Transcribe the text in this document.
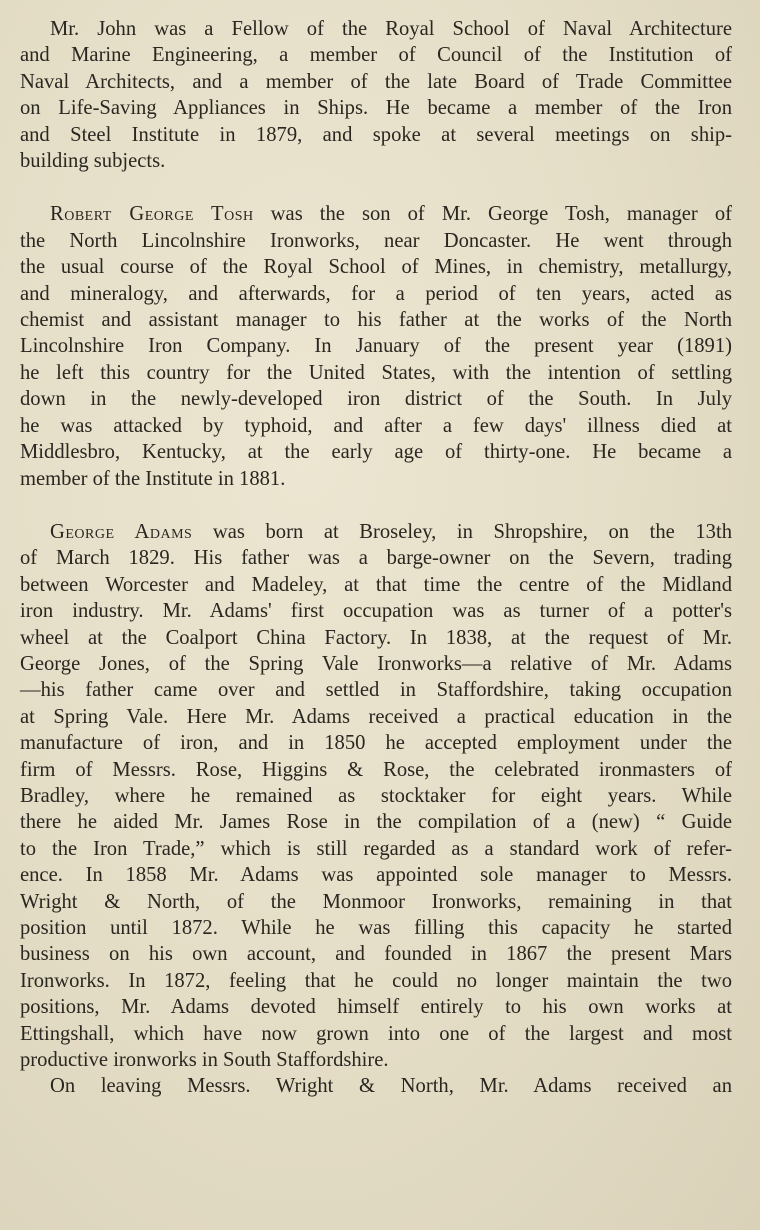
Mr. John was a Fellow of the Royal School of Naval Architecture
and Marine Engineering, a member of Council of the Institution of
Naval Architects, and a member of the late Board of Trade Committee
on Life-Saving Appliances in Ships. He became a member of the Iron
and Steel Institute in 1879, and spoke at several meetings on ship-
building subjects.
Robert George Tosh was the son of Mr. George Tosh, manager of
the North Lincolnshire Ironworks, near Doncaster. He went through
the usual course of the Royal School of Mines, in chemistry, metallurgy,
and mineralogy, and afterwards, for a period of ten years, acted as
chemist and assistant manager to his father at the works of the North
Lincolnshire Iron Company. In January of the present year (1891)
he left this country for the United States, with the intention of settling
down in the newly-developed iron district of the South. In July
he was attacked by typhoid, and after a few days' illness died at
Middlesbro, Kentucky, at the early age of thirty-one. He became a
member of the Institute in 1881.
George Adams was born at Broseley, in Shropshire, on the 13th
of March 1829. His father was a barge-owner on the Severn, trading
between Worcester and Madeley, at that time the centre of the Midland
iron industry. Mr. Adams' first occupation was as turner of a potter's
wheel at the Coalport China Factory. In 1838, at the request of Mr.
George Jones, of the Spring Vale Ironworks—a relative of Mr. Adams
—his father came over and settled in Staffordshire, taking occupation
at Spring Vale. Here Mr. Adams received a practical education in the
manufacture of iron, and in 1850 he accepted employment under the
firm of Messrs. Rose, Higgins & Rose, the celebrated ironmasters of
Bradley, where he remained as stocktaker for eight years. While
there he aided Mr. James Rose in the compilation of a (new) “ Guide
to the Iron Trade,” which is still regarded as a standard work of refer-
ence. In 1858 Mr. Adams was appointed sole manager to Messrs.
Wright & North, of the Monmoor Ironworks, remaining in that
position until 1872. While he was filling this capacity he started
business on his own account, and founded in 1867 the present Mars
Ironworks. In 1872, feeling that he could no longer maintain the two
positions, Mr. Adams devoted himself entirely to his own works at
Ettingshall, which have now grown into one of the largest and most
productive ironworks in South Staffordshire.
On leaving Messrs. Wright & North, Mr. Adams received an
